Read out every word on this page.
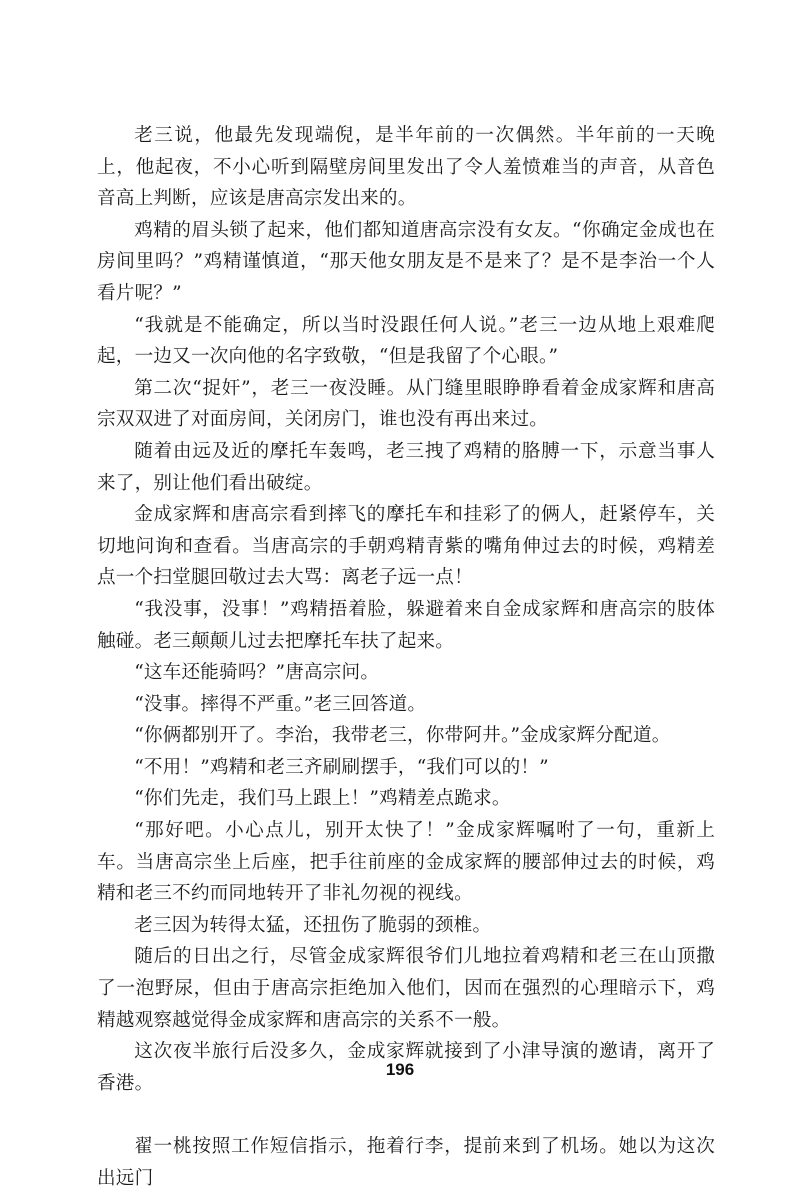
老三说，他最先发现端倪，是半年前的一次偶然。半年前的一天晚上，他起夜，不小心听到隔壁房间里发出了令人羞愤难当的声音，从音色音高上判断，应该是唐高宗发出来的。

鸡精的眉头锁了起来，他们都知道唐高宗没有女友。“你确定金成也在房间里吗？”鸡精谨慎道，“那天他女朋友是不是来了？是不是李治一个人看片呢？”

“我就是不能确定，所以当时没跟任何人说。”老三一边从地上艰难爬起，一边又一次向他的名字致敬，“但是我留了个心眼。”

第二次“捉奸”，老三一夜没睡。从门缝里眼睁睁看着金成家辉和唐高宗双双进了对面房间，关闭房门，谁也没有再出来过。

随着由远及近的摩托车轰鸣，老三拽了鸡精的胳膊一下，示意当事人来了，别让他们看出破绽。

金成家辉和唐高宗看到摔飞的摩托车和挂彩了的俩人，赶紧停车，关切地问询和查看。当唐高宗的手朝鸡精青紫的嘴角伸过去的时候，鸡精差点一个扫堂腿回敬过去大骂：离老子远一点！

“我没事，没事！”鸡精捂着脸，躲避着来自金成家辉和唐高宗的肢体触碰。老三颠颠儿过去把摩托车扶了起来。

“这车还能骑吗？”唐高宗问。

“没事。摔得不严重。”老三回答道。

“你俩都别开了。李治，我带老三，你带阿井。”金成家辉分配道。

“不用！”鸡精和老三齐刷刷摆手，“我们可以的！”

“你们先走，我们马上跟上！”鸡精差点跪求。

“那好吧。小心点儿，别开太快了！”金成家辉嘱咐了一句，重新上车。当唐高宗坐上后座，把手往前座的金成家辉的腰部伸过去的时候，鸡精和老三不约而同地转开了非礼勿视的视线。

老三因为转得太猛，还扭伤了脆弱的颈椎。

随后的日出之行，尽管金成家辉很爷们儿地拉着鸡精和老三在山顶撒了一泡野尿，但由于唐高宗拒绝加入他们，因而在强烈的心理暗示下，鸡精越观察越觉得金成家辉和唐高宗的关系不一般。

这次夜半旅行后没多久，金成家辉就接到了小津导演的邀请，离开了香港。

翟一桃按照工作短信指示，拖着行李，提前来到了机场。她以为这次出远门

196
